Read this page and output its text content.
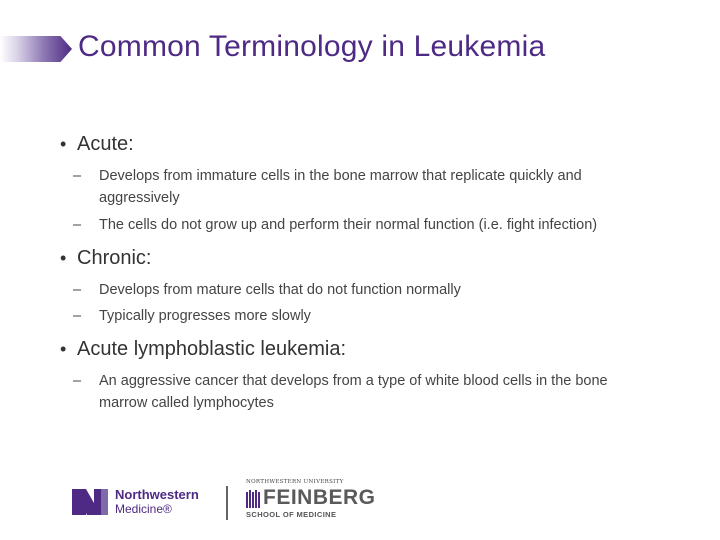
Common Terminology in Leukemia
• Acute:
– Develops from immature cells in the bone marrow that replicate quickly and aggressively
– The cells do not grow up and perform their normal function (i.e. fight infection)
• Chronic:
– Develops from mature cells that do not function normally
– Typically progresses more slowly
• Acute lymphoblastic leukemia:
– An aggressive cancer that develops from a type of white blood cells in the bone marrow called lymphocytes
Northwestern
Medicine®
NORTHWESTERN UNIVERSITY
FEINBERG
SCHOOL OF MEDICINE
